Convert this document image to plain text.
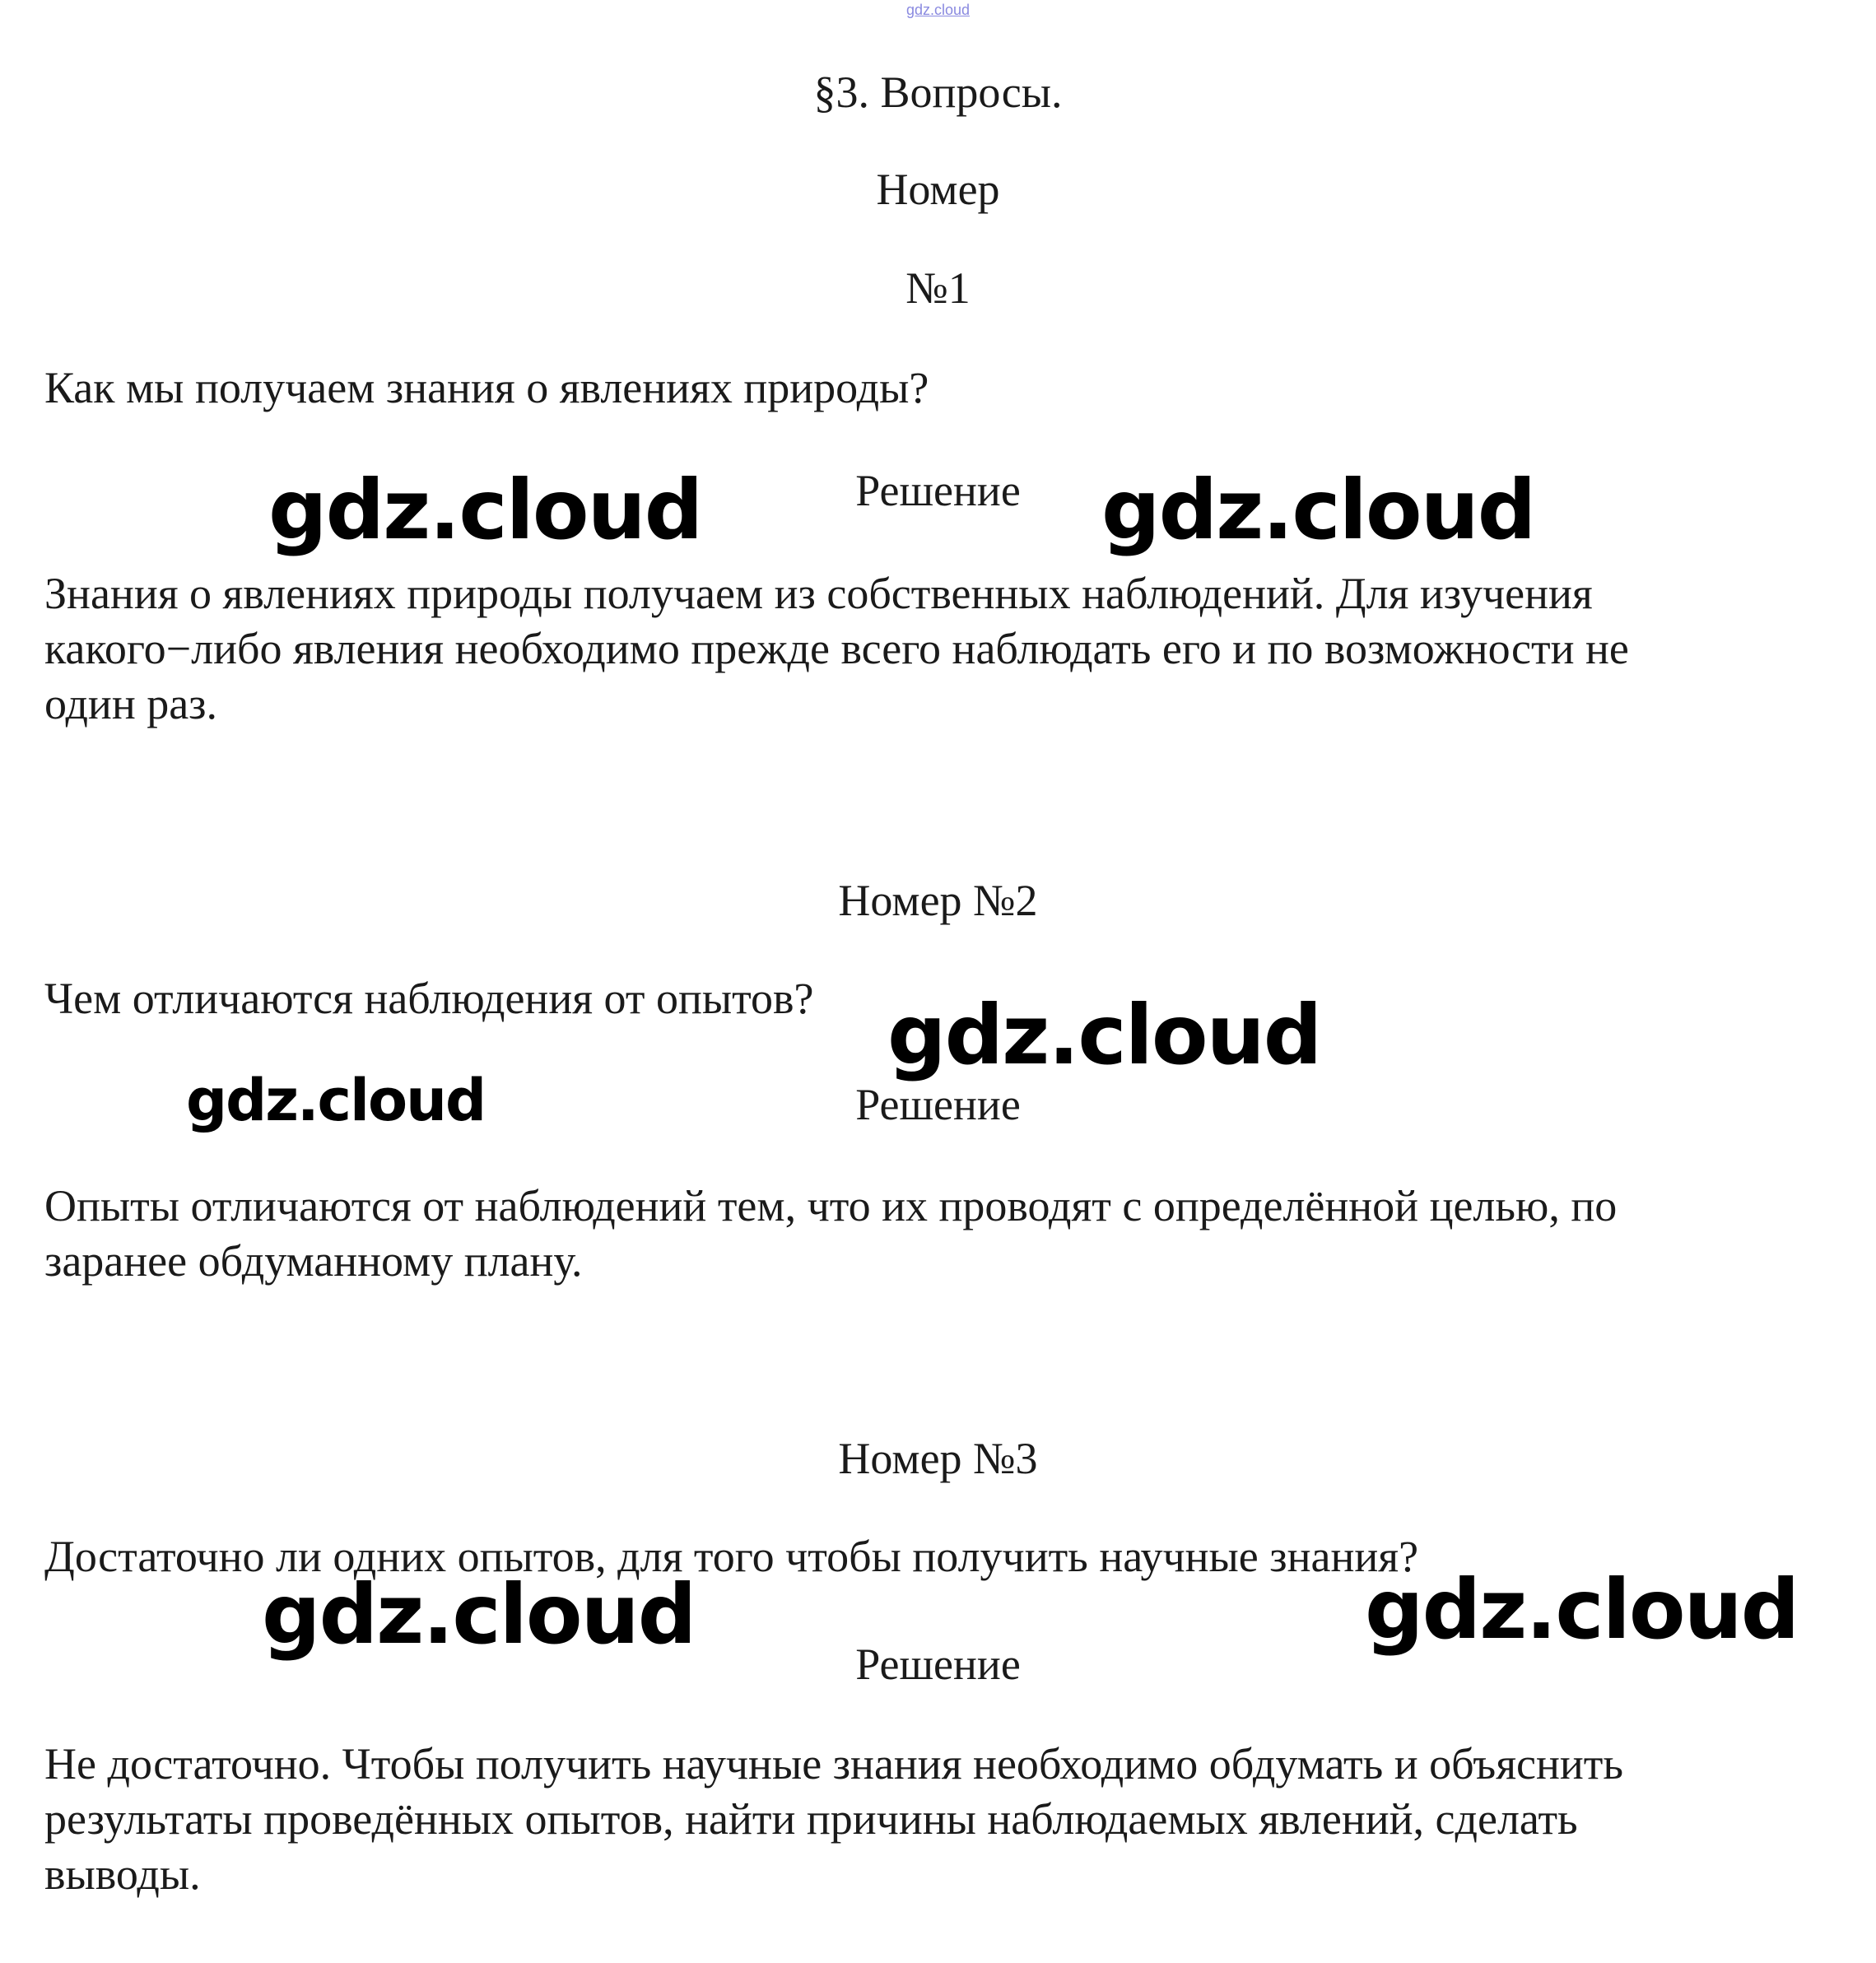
gdz.cloud
§3. Вопросы.
Номер
№1
Как мы получаем знания о явлениях природы?
Решение
Знания о явлениях природы получаем из собственных наблюдений. Для изучения
какого−либо явления необходимо прежде всего наблюдать его и по возможности не
один раз.
Номер №2
Чем отличаются наблюдения от опытов?
Решение
Опыты отличаются от наблюдений тем, что их проводят с определённой целью, по
заранее обдуманному плану.
Номер №3
Достаточно ли одних опытов, для того чтобы получить научные знания?
Решение
Не достаточно. Чтобы получить научные знания необходимо обдумать и объяснить
результаты проведённых опытов, найти причины наблюдаемых явлений, сделать
выводы.
gdz.cloud	gdz.cloud
gdz.cloud
gdz.cloud
gdz.cloud	gdz.cloud
